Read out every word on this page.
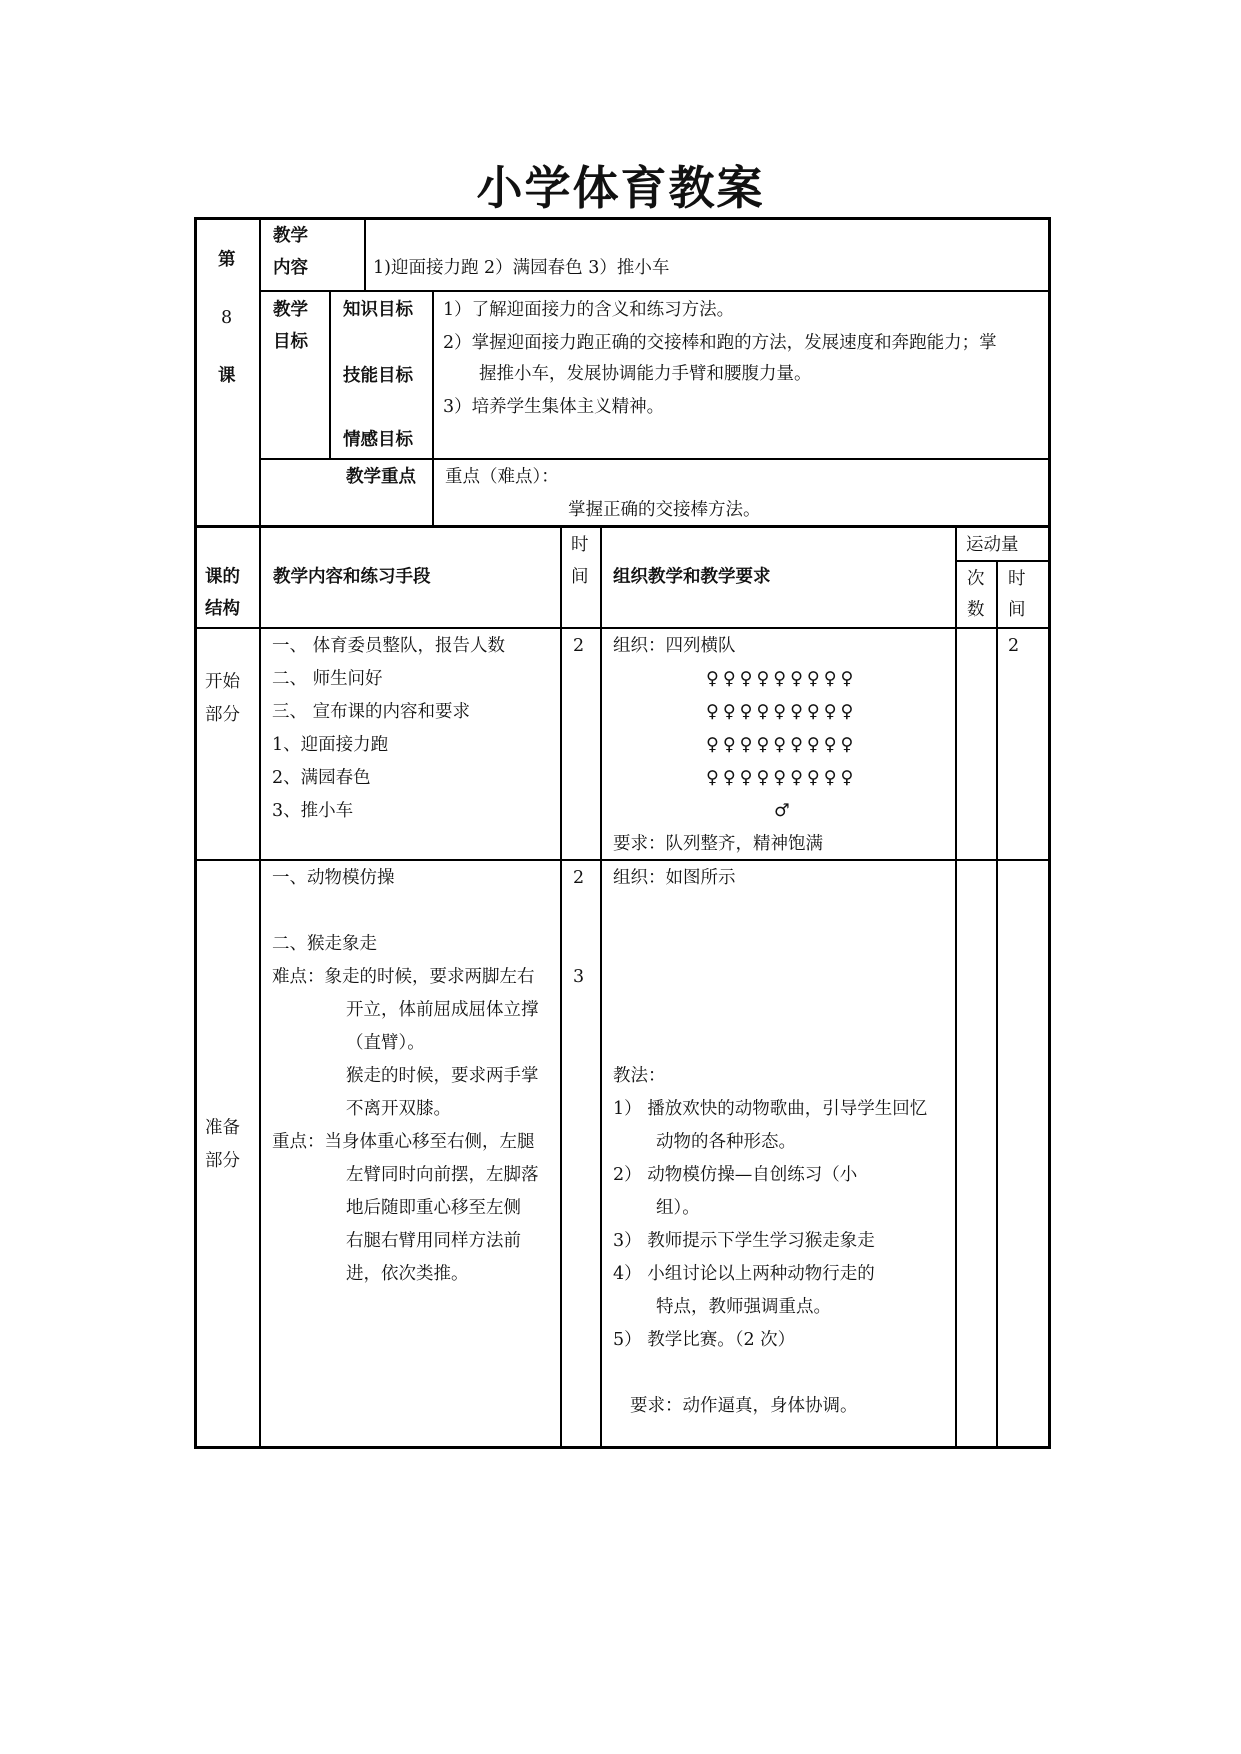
小学体育教案
第
8
课
教学
内容	1)迎面接力跑 2）满园春色 3）推小车
教学
目标
知识目标
技能目标
情感目标
1）了解迎面接力的含义和练习方法。
2）掌握迎面接力跑正确的交接棒和跑的方法，发展速度和奔跑能力；掌
握推小车，发展协调能力手臂和腰腹力量。
3）培养学生集体主义精神。
教学重点 重点（难点）：
掌握正确的交接棒方法。
课的
结构
教学内容和练习手段
时
间 组织教学和教学要求
运动量
次
数
时
间
开始
部分
一、 体育委员整队，报告人数
二、 师生问好
三、 宣布课的内容和要求
1、迎面接力跑
2、满园春色
3、推小车
2 组织：四列横队
♀♀♀♀♀♀♀♀♀
♀♀♀♀♀♀♀♀♀
♀♀♀♀♀♀♀♀♀
♀♀♀♀♀♀♀♀♀
♂
要求：队列整齐，精神饱满
2
准备
部分
一、动物模仿操
二、猴走象走
难点：象走的时候，要求两脚左右
开立，体前屈成屈体立撑
（直臂）。
猴走的时候，要求两手掌
不离开双膝。
重点：当身体重心移至右侧，左腿
左臂同时向前摆，左脚落
地后随即重心移至左侧
右腿右臂用同样方法前
进，依次类推。
2
3
组织：如图所示
教法：
1） 播放欢快的动物歌曲，引导学生回忆
动物的各种形态。
2） 动物模仿操—自创练习（小
组）。
3） 教师提示下学生学习猴走象走
4） 小组讨论以上两种动物行走的
特点，教师强调重点。
5） 教学比赛。（2 次）
要求：动作逼真，身体协调。
